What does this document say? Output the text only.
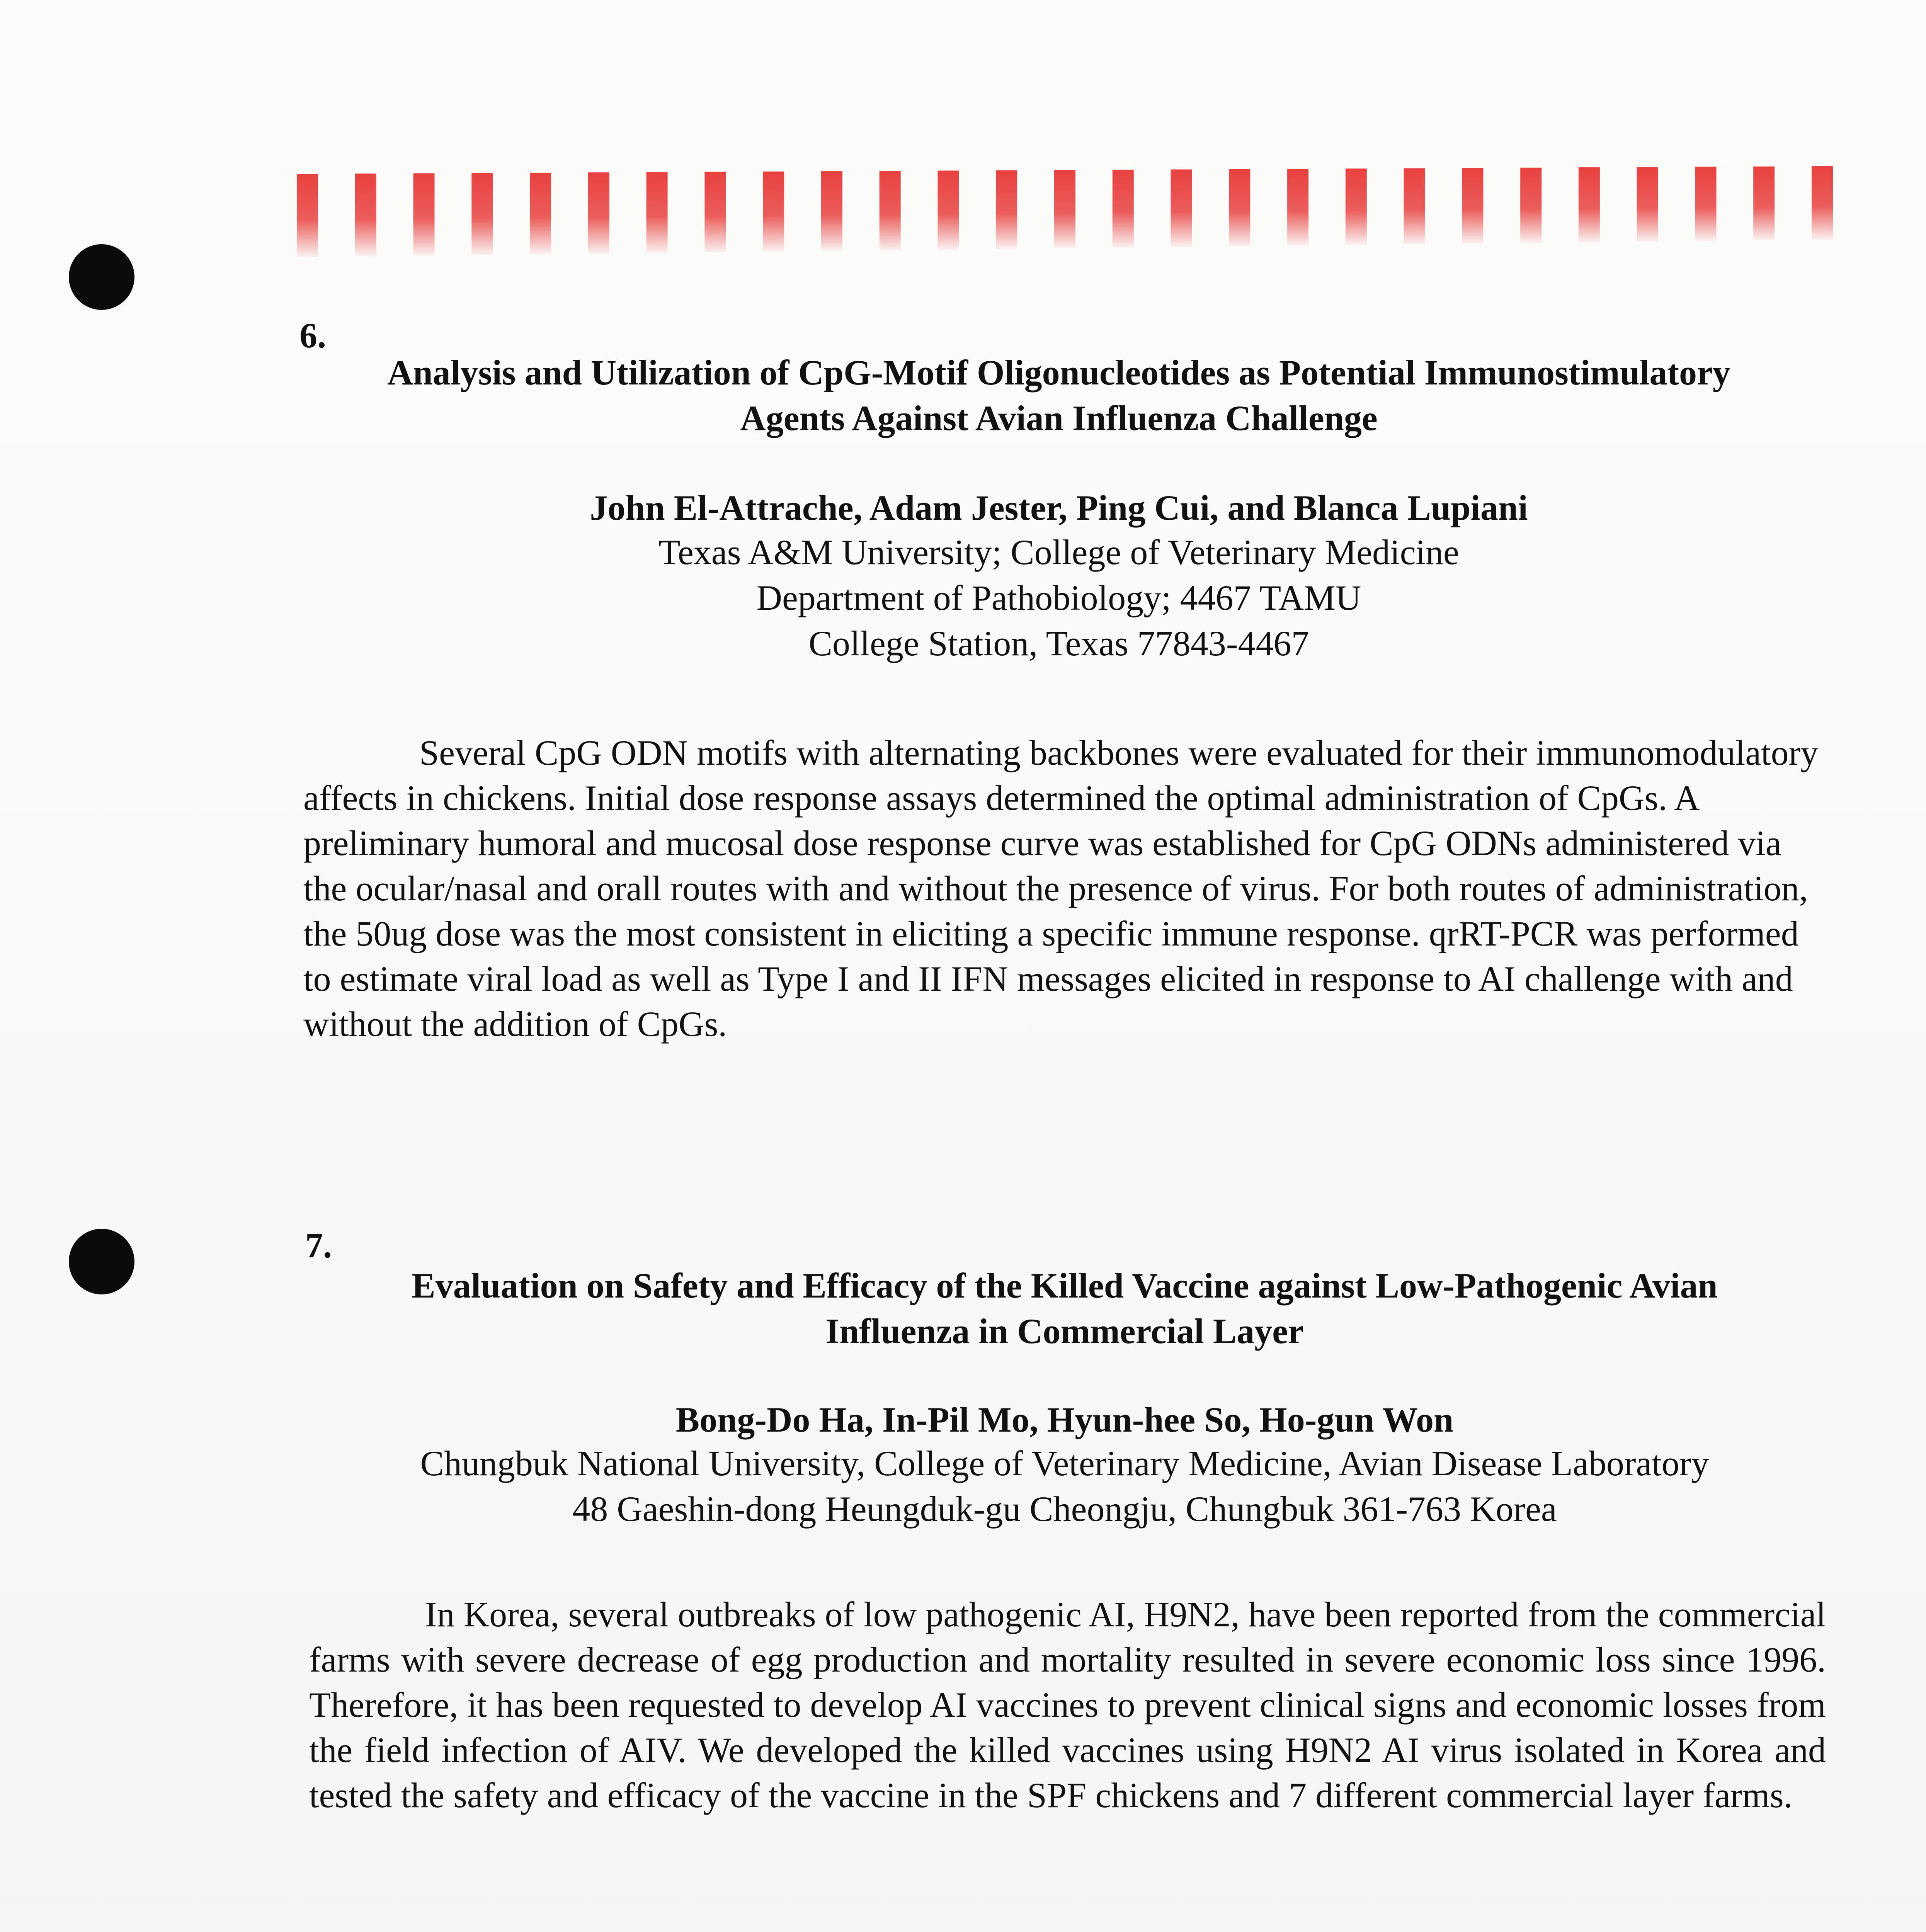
6.
Analysis and Utilization of CpG-Motif Oligonucleotides as Potential Immunostimulatory
Agents Against Avian Influenza Challenge
John El-Attrache, Adam Jester, Ping Cui, and Blanca Lupiani
Texas A&M University; College of Veterinary Medicine
Department of Pathobiology; 4467 TAMU
College Station, Texas 77843-4467
Several CpG ODN motifs with alternating backbones were evaluated for their immunomodulatory affects in chickens. Initial dose response assays determined the optimal administration of CpGs. A preliminary humoral and mucosal dose response curve was established for CpG ODNs administered via the ocular/nasal and orall routes with and without the presence of virus. For both routes of administration, the 50ug dose was the most consistent in eliciting a specific immune response. qrRT-PCR was performed to estimate viral load as well as Type I and II IFN messages elicited in response to AI challenge with and without the addition of CpGs.
7.
Evaluation on Safety and Efficacy of the Killed Vaccine against Low-Pathogenic Avian
Influenza in Commercial Layer
Bong-Do Ha, In-Pil Mo, Hyun-hee So, Ho-gun Won
Chungbuk National University, College of Veterinary Medicine, Avian Disease Laboratory
48 Gaeshin-dong Heungduk-gu Cheongju, Chungbuk 361-763 Korea
In Korea, several outbreaks of low pathogenic AI, H9N2, have been reported from the commercial farms with severe decrease of egg production and mortality resulted in severe economic loss since 1996. Therefore, it has been requested to develop AI vaccines to prevent clinical signs and economic losses from the field infection of AIV. We developed the killed vaccines using H9N2 AI virus isolated in Korea and tested the safety and efficacy of the vaccine in the SPF chickens and 7 different commercial layer farms.
